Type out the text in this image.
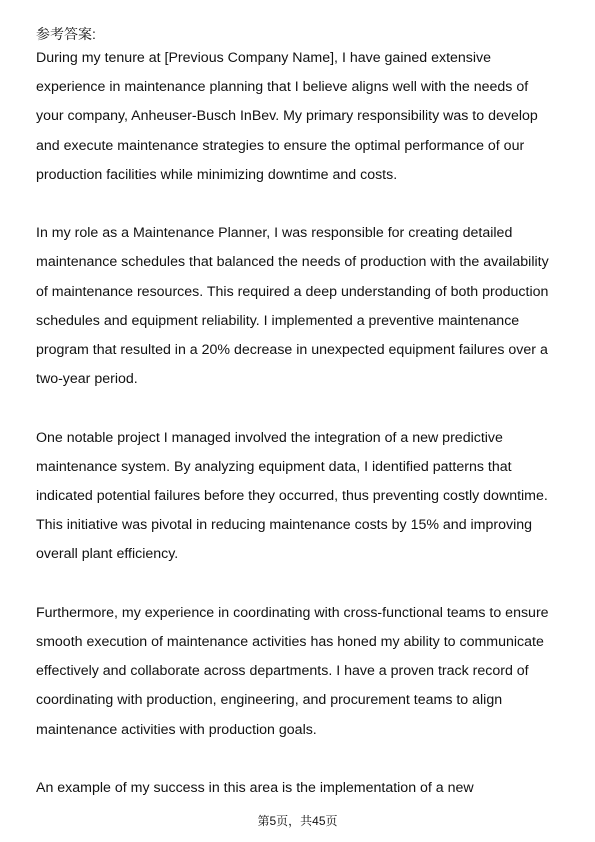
参考答案:
During my tenure at [Previous Company Name], I have gained extensive
experience in maintenance planning that I believe aligns well with the needs of
your company, Anheuser-Busch InBev. My primary responsibility was to develop
and execute maintenance strategies to ensure the optimal performance of our
production facilities while minimizing downtime and costs.
In my role as a Maintenance Planner, I was responsible for creating detailed
maintenance schedules that balanced the needs of production with the availability
of maintenance resources. This required a deep understanding of both production
schedules and equipment reliability. I implemented a preventive maintenance
program that resulted in a 20% decrease in unexpected equipment failures over a
two-year period.
One notable project I managed involved the integration of a new predictive
maintenance system. By analyzing equipment data, I identified patterns that
indicated potential failures before they occurred, thus preventing costly downtime.
This initiative was pivotal in reducing maintenance costs by 15% and improving
overall plant efficiency.
Furthermore, my experience in coordinating with cross-functional teams to ensure
smooth execution of maintenance activities has honed my ability to communicate
effectively and collaborate across departments. I have a proven track record of
coordinating with production, engineering, and procurement teams to align
maintenance activities with production goals.
An example of my success in this area is the implementation of a new
第5页，共45页
